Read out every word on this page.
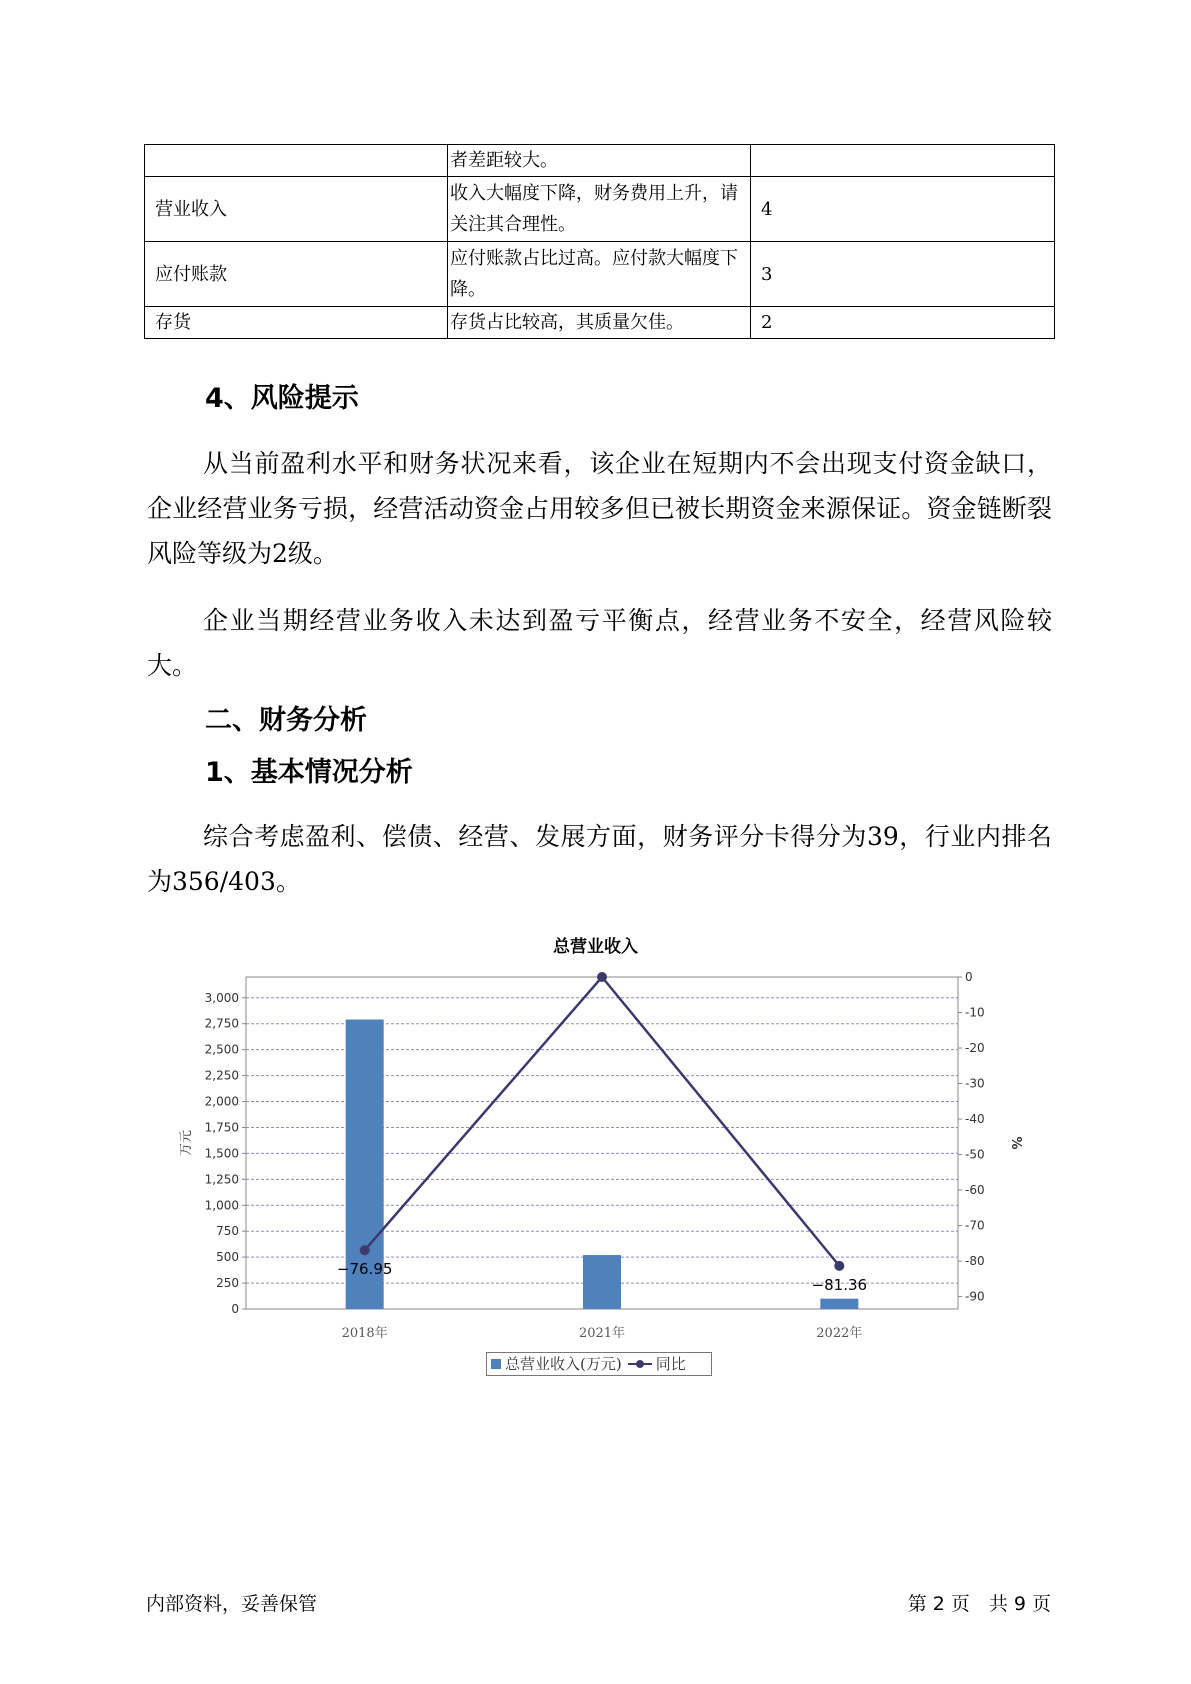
	者差距较大。	
营业收入	收入大幅度下降，财务费用上升，请关注其合理性。	4
应付账款	应付账款占比过高。应付款大幅度下降。	3
存货	存货占比较高，其质量欠佳。	2
4、风险提示
从当前盈利水平和财务状况来看，该企业在短期内不会出现支付资金缺口，企业经营业务亏损，经营活动资金占用较多但已被长期资金来源保证。资金链断裂风险等级为2级。
企业当期经营业务收入未达到盈亏平衡点，经营业务不安全，经营风险较大。
二、财务分析
1、基本情况分析
综合考虑盈利、偿债、经营、发展方面，财务评分卡得分为39，行业内排名为356/403。
总营业收入
0
250
500
750
1,000
1,250
1,500
1,750
2,000
2,250
2,500
2,750
3,000
0
-10
-20
-30
-40
-50
-60
-70
-80
-90
万元	%
2018年	2021年	2022年
−76.95
−81.36
总营业收入(万元) 同比
内部资料，妥善保管	第 2 页　共 9 页
